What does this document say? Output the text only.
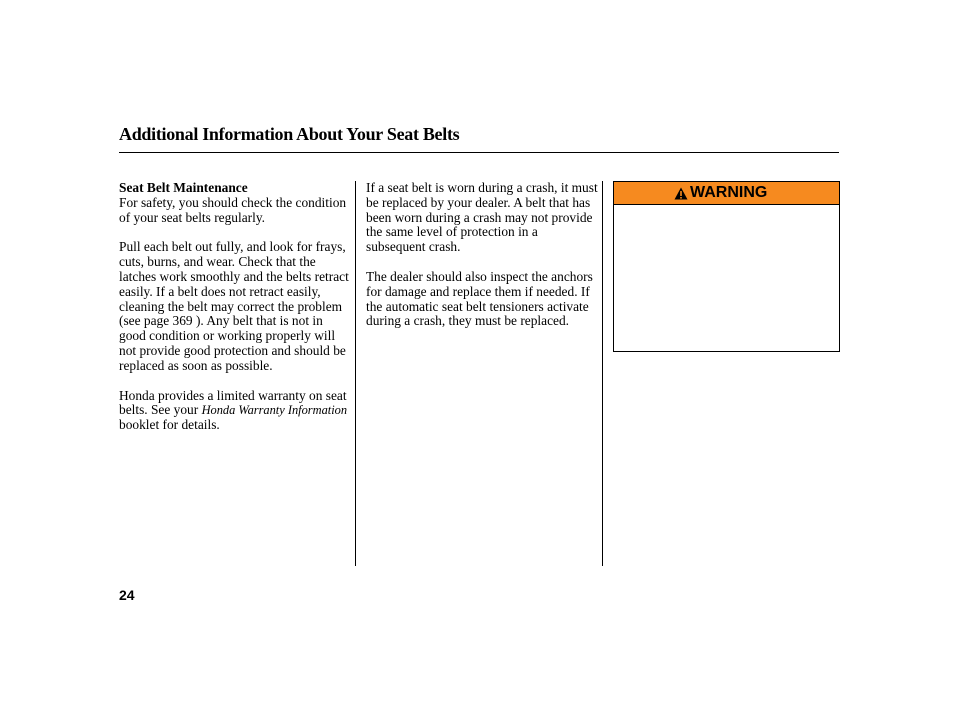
Additional Information About Your Seat Belts

Seat Belt Maintenance
For safety, you should check the condition of your seat belts regularly.

Pull each belt out fully, and look for frays, cuts, burns, and wear. Check that the latches work smoothly and the belts retract easily. If a belt does not retract easily, cleaning the belt may correct the problem (see page 369 ). Any belt that is not in good condition or working properly will not provide good protection and should be replaced as soon as possible.

Honda provides a limited warranty on seat belts. See your Honda Warranty Information booklet for details.

If a seat belt is worn during a crash, it must be replaced by your dealer. A belt that has been worn during a crash may not provide the same level of protection in a subsequent crash.

The dealer should also inspect the anchors for damage and replace them if needed. If the automatic seat belt tensioners activate during a crash, they must be replaced.

WARNING
24
